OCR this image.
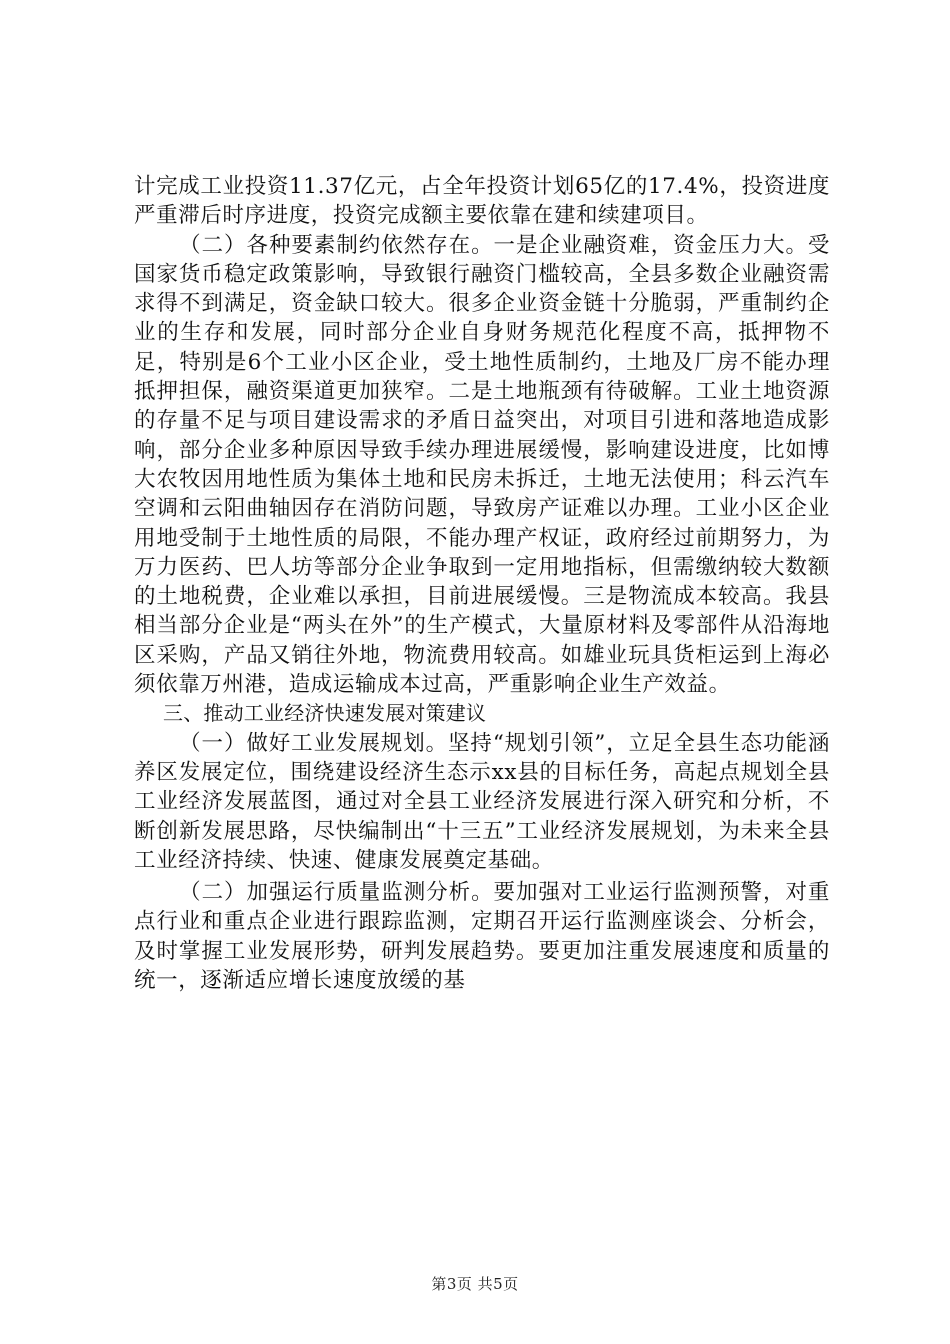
计完成工业投资11.37亿元，占全年投资计划65亿的17.4%，投资进度严重滞后时序进度，投资完成额主要依靠在建和续建项目。

（二）各种要素制约依然存在。一是企业融资难，资金压力大。受国家货币稳定政策影响，导致银行融资门槛较高，全县多数企业融资需求得不到满足，资金缺口较大。很多企业资金链十分脆弱，严重制约企业的生存和发展，同时部分企业自身财务规范化程度不高，抵押物不足，特别是6个工业小区企业，受土地性质制约，土地及厂房不能办理抵押担保，融资渠道更加狭窄。二是土地瓶颈有待破解。工业土地资源的存量不足与项目建设需求的矛盾日益突出，对项目引进和落地造成影响，部分企业多种原因导致手续办理进展缓慢，影响建设进度，比如博大农牧因用地性质为集体土地和民房未拆迁，土地无法使用；科云汽车空调和云阳曲轴因存在消防问题，导致房产证难以办理。工业小区企业用地受制于土地性质的局限，不能办理产权证，政府经过前期努力，为万力医药、巴人坊等部分企业争取到一定用地指标，但需缴纳较大数额的土地税费，企业难以承担，目前进展缓慢。三是物流成本较高。我县相当部分企业是“两头在外”的生产模式，大量原材料及零部件从沿海地区采购，产品又销往外地，物流费用较高。如雄业玩具货柜运到上海必须依靠万州港，造成运输成本过高，严重影响企业生产效益。

三、推动工业经济快速发展对策建议

（一）做好工业发展规划。坚持“规划引领”，立足全县生态功能涵养区发展定位，围绕建设经济生态示xx县的目标任务，高起点规划全县工业经济发展蓝图，通过对全县工业经济发展进行深入研究和分析，不断创新发展思路，尽快编制出“十三五”工业经济发展规划，为未来全县工业经济持续、快速、健康发展奠定基础。

（二）加强运行质量监测分析。要加强对工业运行监测预警，对重点行业和重点企业进行跟踪监测，定期召开运行监测座谈会、分析会，及时掌握工业发展形势，研判发展趋势。要更加注重发展速度和质量的统一，逐渐适应增长速度放缓的基

第3页 共5页
